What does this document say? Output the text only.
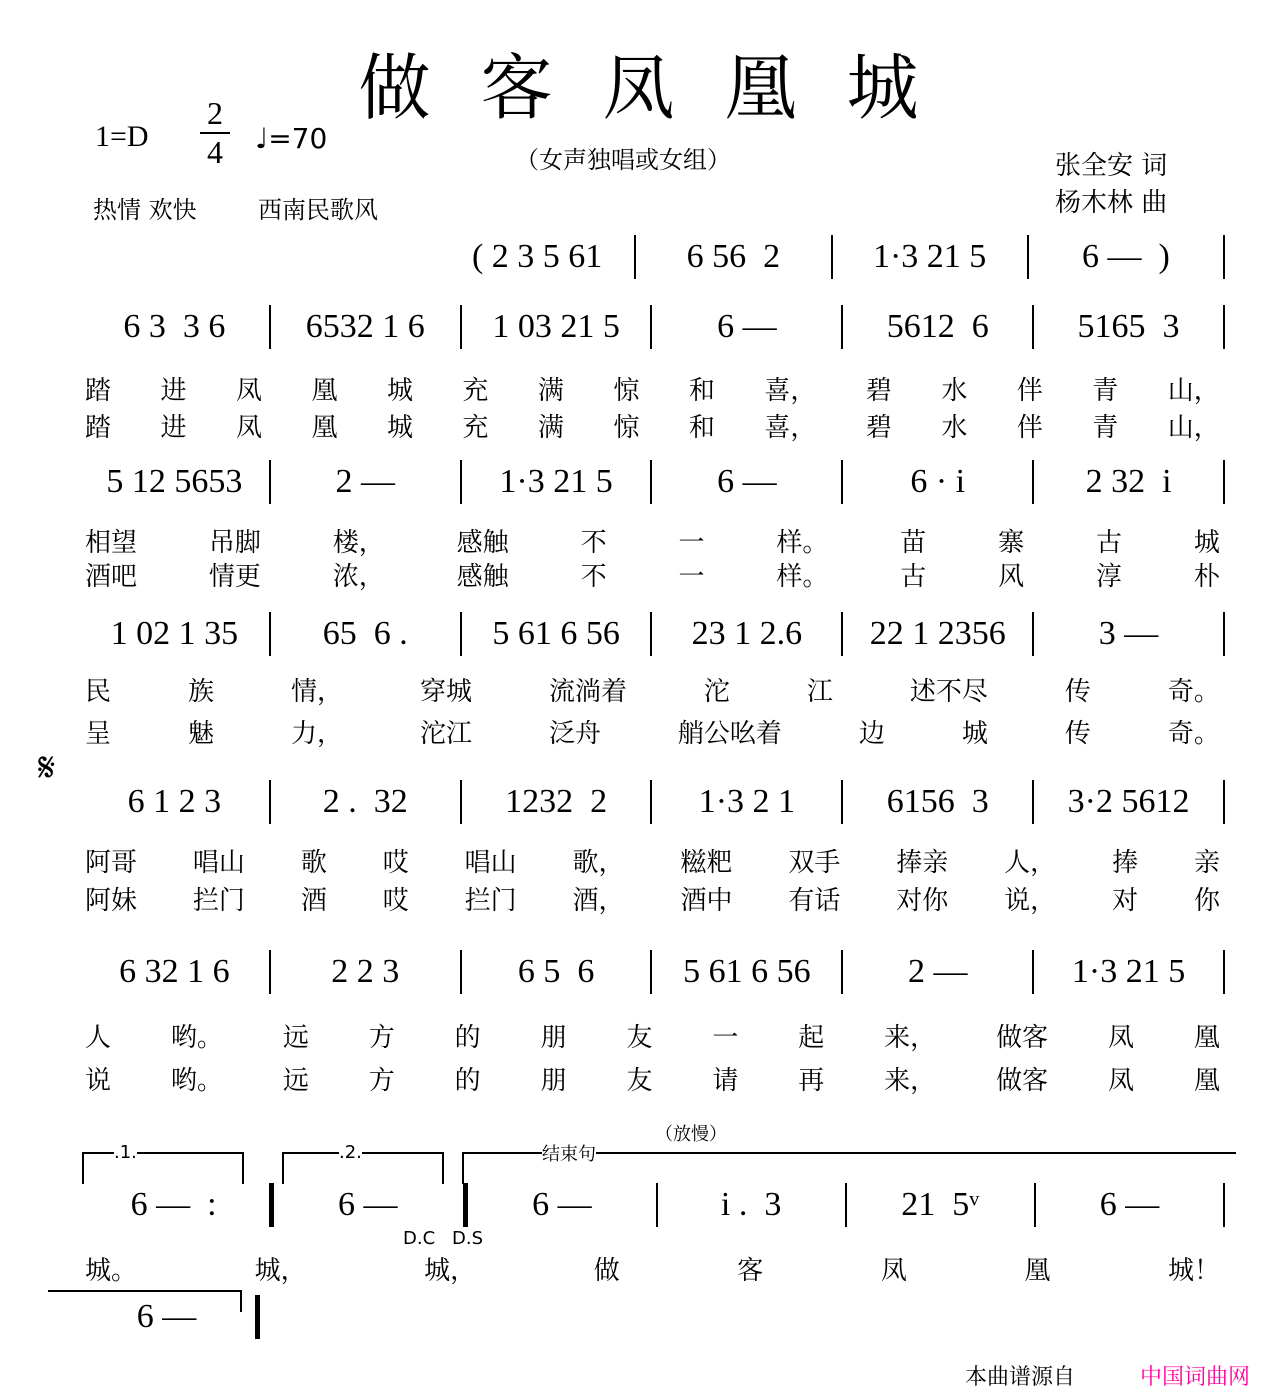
做客凤凰城
1=D
2
4 ♩=70
（女声独唱或女组）	张全安 词
杨木林 曲
热情 欢快	西南民歌风
𝄋
( 2 3 5 61	6 56  2	1·3 21 5	6 —  )
6 3  3 6	6532 1 6	1 03 21 5	6 —	5612  6	5165  3
踏 进 凤 凰 城 充 满 惊 和 喜， 碧 水 伴 青 山，
踏 进 凤 凰 城 充 满 惊 和 喜， 碧 水 伴 青 山，
5 12 5653	2 —	1·3 21 5	6 —	6 · i	2 32  i
相望	吊脚	楼，	感触	不	一	样。	苗	寨	古	城
酒吧	情更	浓，	感触	不	一	样。	古	风	淳	朴
1 02 1 35	65  6 .	5 61 6 56	23 1 2.6	22 1 2356	3 —
民	族	情，	穿城	流淌着	沱	江	述不尽	传	奇。
呈	魅	力，	沱江	泛舟	艄公吆着	边	城	传	奇。
6 1 2 3	2 .  32	1232  2	1·3 2 1	6156  3	3·2 5612
阿哥 唱山 歌 哎 唱山 歌， 糍粑 双手 捧亲 人， 捧 亲
阿妹 拦门 酒 哎 拦门 酒， 酒中 有话 对你 说， 对 你
6 32 1 6	2 2 3	6 5  6	5 61 6 56	2 —	1·3 21 5
人 哟。 远 方 的 朋 友 一 起 来， 做客 凤 凰
说 哟。 远 方 的 朋 友 请 再 来， 做客 凤 凰
6 —  :	6 —	6 —	i .  3	21  5ᵛ	6 —
城。	城，	城，	做	客	凤	凰	城！
6 —
.1.	.2.	结束句
（放慢）
D.C D.S
本曲谱源自	中国词曲网
